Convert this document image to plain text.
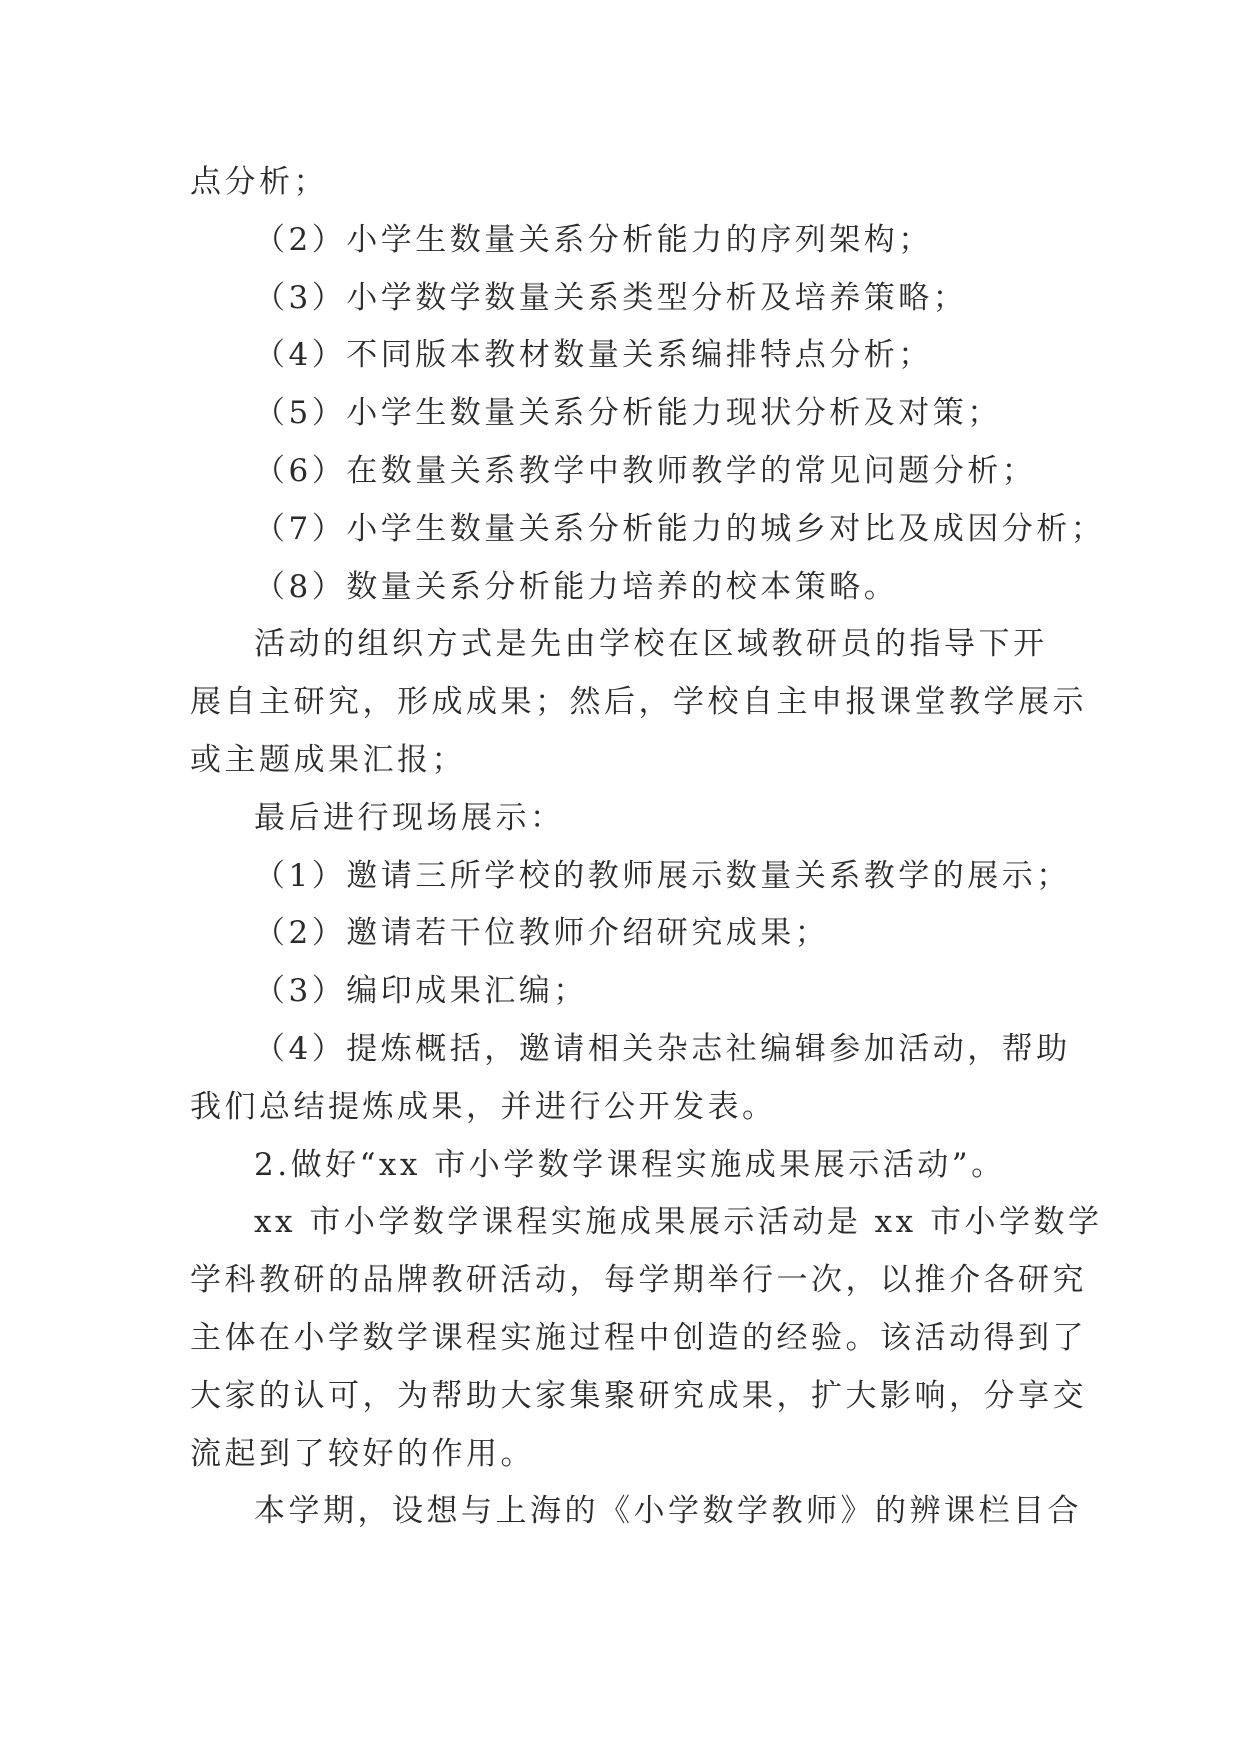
点分析；
（2）小学生数量关系分析能力的序列架构；
（3）小学数学数量关系类型分析及培养策略；
（4）不同版本教材数量关系编排特点分析；
（5）小学生数量关系分析能力现状分析及对策；
（6）在数量关系教学中教师教学的常见问题分析；
（7）小学生数量关系分析能力的城乡对比及成因分析；
（8）数量关系分析能力培养的校本策略。
活动的组织方式是先由学校在区域教研员的指导下开
展自主研究，形成成果；然后，学校自主申报课堂教学展示
或主题成果汇报；
最后进行现场展示：
（1）邀请三所学校的教师展示数量关系教学的展示；
（2）邀请若干位教师介绍研究成果；
（3）编印成果汇编；
（4）提炼概括，邀请相关杂志社编辑参加活动，帮助
我们总结提炼成果，并进行公开发表。
2.做好“xx 市小学数学课程实施成果展示活动”。
xx 市小学数学课程实施成果展示活动是 xx 市小学数学
学科教研的品牌教研活动，每学期举行一次，以推介各研究
主体在小学数学课程实施过程中创造的经验。该活动得到了
大家的认可，为帮助大家集聚研究成果，扩大影响，分享交
流起到了较好的作用。
本学期，设想与上海的《小学数学教师》的辨课栏目合
